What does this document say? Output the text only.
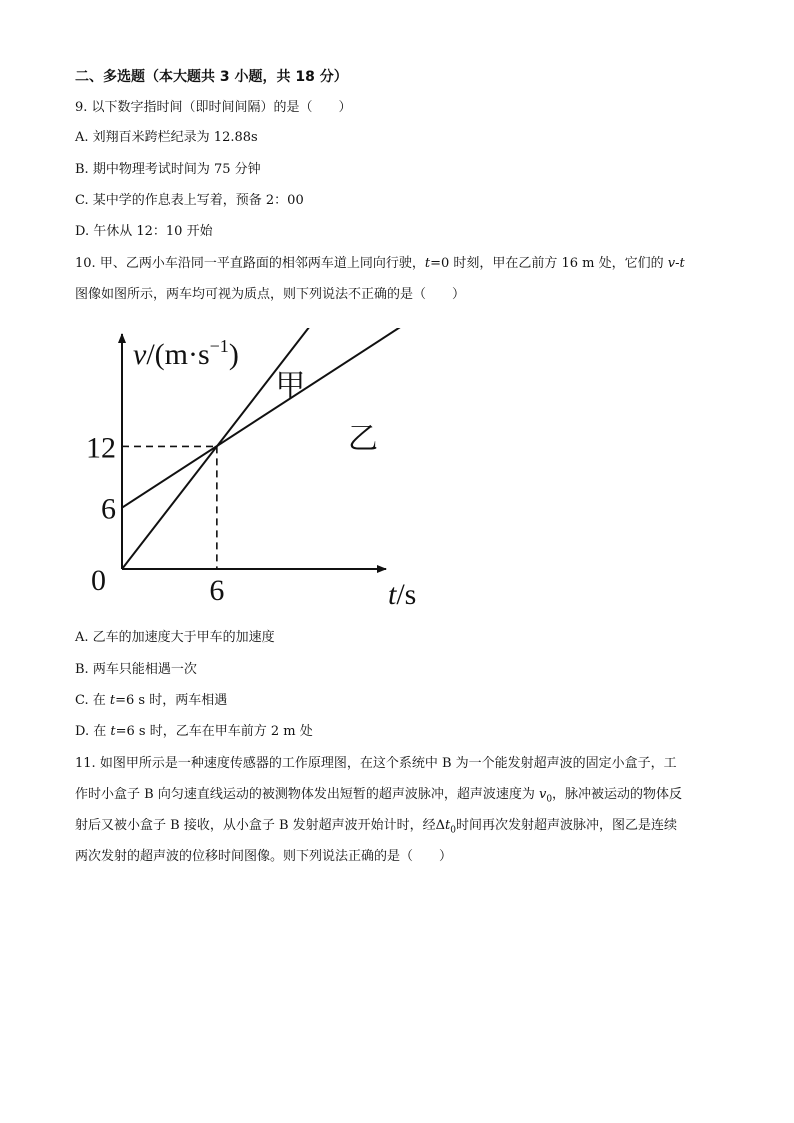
二、多选题（本大题共 3 小题，共 18 分）
9. 以下数字指时间（即时间间隔）的是（　　）
A. 刘翔百米跨栏纪录为 12.88s
B. 期中物理考试时间为 75 分钟
C. 某中学的作息表上写着，预备 2：00
D. 午休从 12：10 开始
10. 甲、乙两小车沿同一平直路面的相邻两车道上同向行驶，t=0 时刻，甲在乙前方 16 m 处，它们的 v-t
图像如图所示，两车均可视为质点，则下列说法不正确的是（　　）
$v/(m\cdot s^{-1})$
t/s
0
甲
乙
6
12
6
A. 乙车的加速度大于甲车的加速度
B. 两车只能相遇一次
C. 在 t=6 s 时，两车相遇
D. 在 t=6 s 时，乙车在甲车前方 2 m 处
11. 如图甲所示是一种速度传感器的工作原理图，在这个系统中 B 为一个能发射超声波的固定小盒子，工
作时小盒子 B 向匀速直线运动的被测物体发出短暂的超声波脉冲，超声波速度为 $v_0$，脉冲被运动的物体反
射后又被小盒子 B 接收，从小盒子 B 发射超声波开始计时，经$\Delta t_0$时间再次发射超声波脉冲，图乙是连续
两次发射的超声波的位移时间图像。则下列说法正确的是（　　）
